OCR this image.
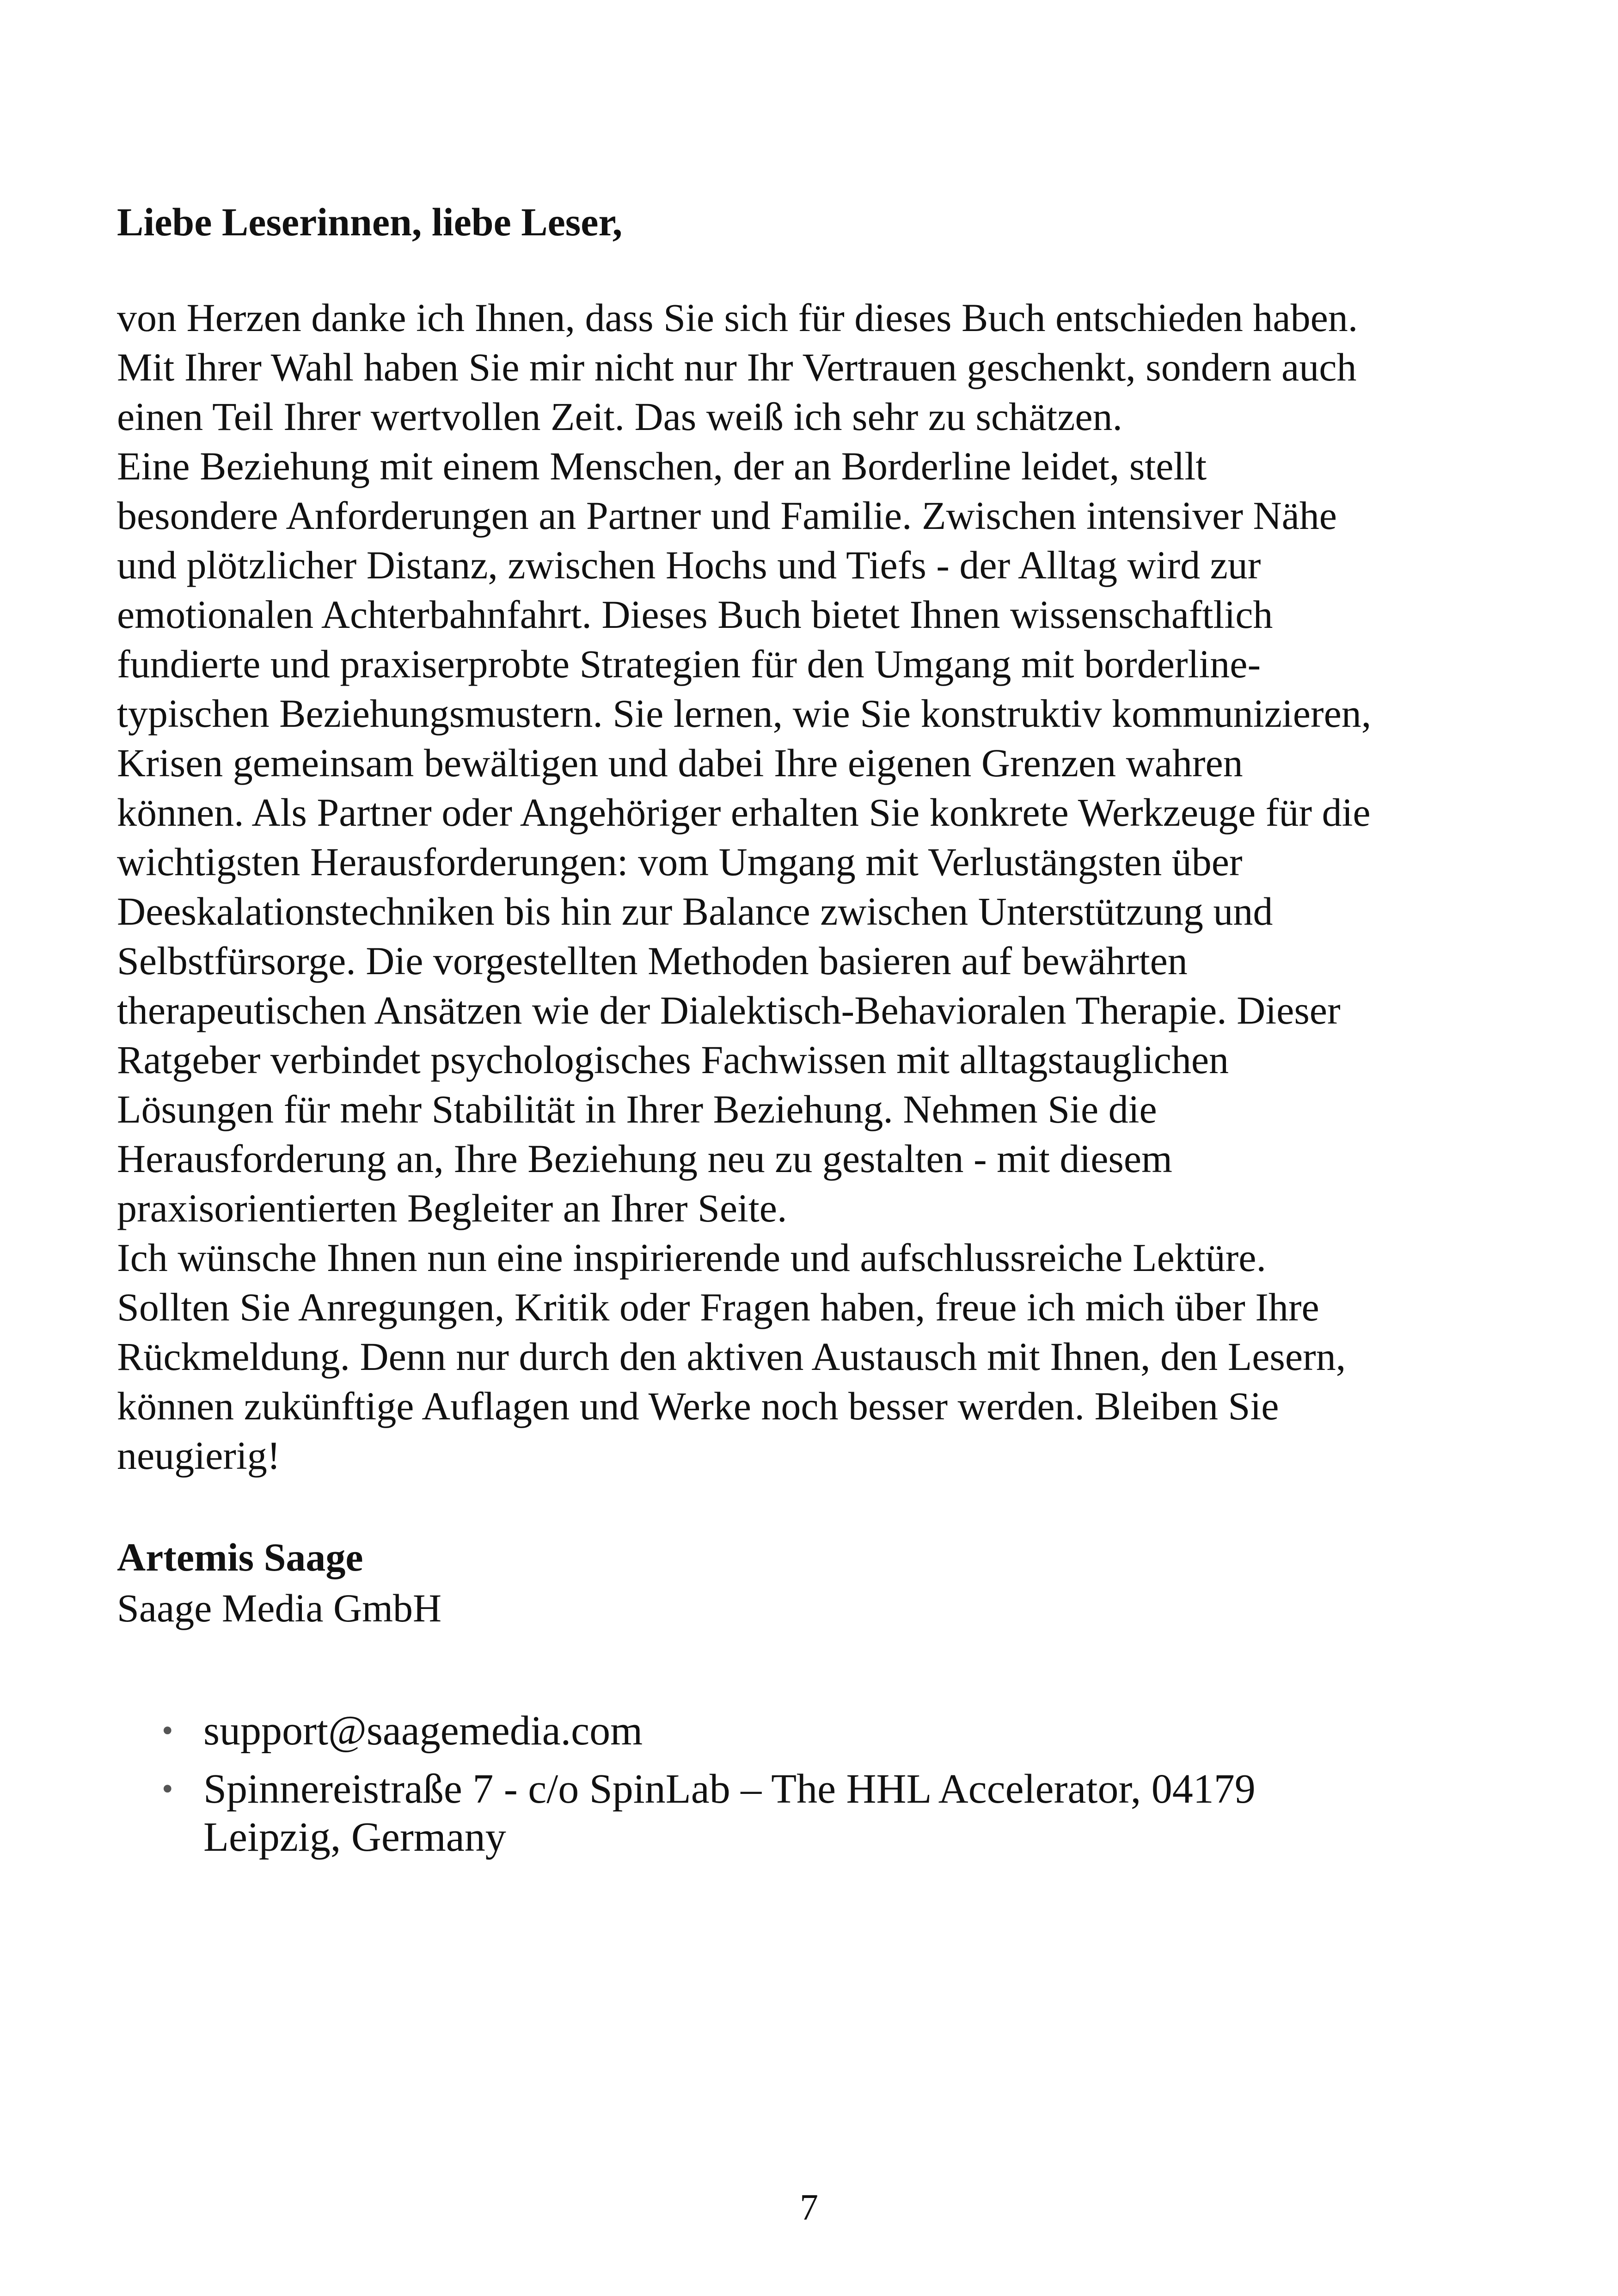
Liebe Leserinnen, liebe Leser,

von Herzen danke ich Ihnen, dass Sie sich für dieses Buch entschieden haben.
Mit Ihrer Wahl haben Sie mir nicht nur Ihr Vertrauen geschenkt, sondern auch
einen Teil Ihrer wertvollen Zeit. Das weiß ich sehr zu schätzen.
Eine Beziehung mit einem Menschen, der an Borderline leidet, stellt
besondere Anforderungen an Partner und Familie. Zwischen intensiver Nähe
und plötzlicher Distanz, zwischen Hochs und Tiefs - der Alltag wird zur
emotionalen Achterbahnfahrt. Dieses Buch bietet Ihnen wissenschaftlich
fundierte und praxiserprobte Strategien für den Umgang mit borderline-
typischen Beziehungsmustern. Sie lernen, wie Sie konstruktiv kommunizieren,
Krisen gemeinsam bewältigen und dabei Ihre eigenen Grenzen wahren
können. Als Partner oder Angehöriger erhalten Sie konkrete Werkzeuge für die
wichtigsten Herausforderungen: vom Umgang mit Verlustängsten über
Deeskalationstechniken bis hin zur Balance zwischen Unterstützung und
Selbstfürsorge. Die vorgestellten Methoden basieren auf bewährten
therapeutischen Ansätzen wie der Dialektisch-Behavioralen Therapie. Dieser
Ratgeber verbindet psychologisches Fachwissen mit alltagstauglichen
Lösungen für mehr Stabilität in Ihrer Beziehung. Nehmen Sie die
Herausforderung an, Ihre Beziehung neu zu gestalten - mit diesem
praxisorientierten Begleiter an Ihrer Seite.
Ich wünsche Ihnen nun eine inspirierende und aufschlussreiche Lektüre.
Sollten Sie Anregungen, Kritik oder Fragen haben, freue ich mich über Ihre
Rückmeldung. Denn nur durch den aktiven Austausch mit Ihnen, den Lesern,
können zukünftige Auflagen und Werke noch besser werden. Bleiben Sie
neugierig!

Artemis Saage

Saage Media GmbH

• support@saagemedia.com
• Spinnereistraße 7 - c/o SpinLab – The HHL Accelerator, 04179
Leipzig, Germany
7
